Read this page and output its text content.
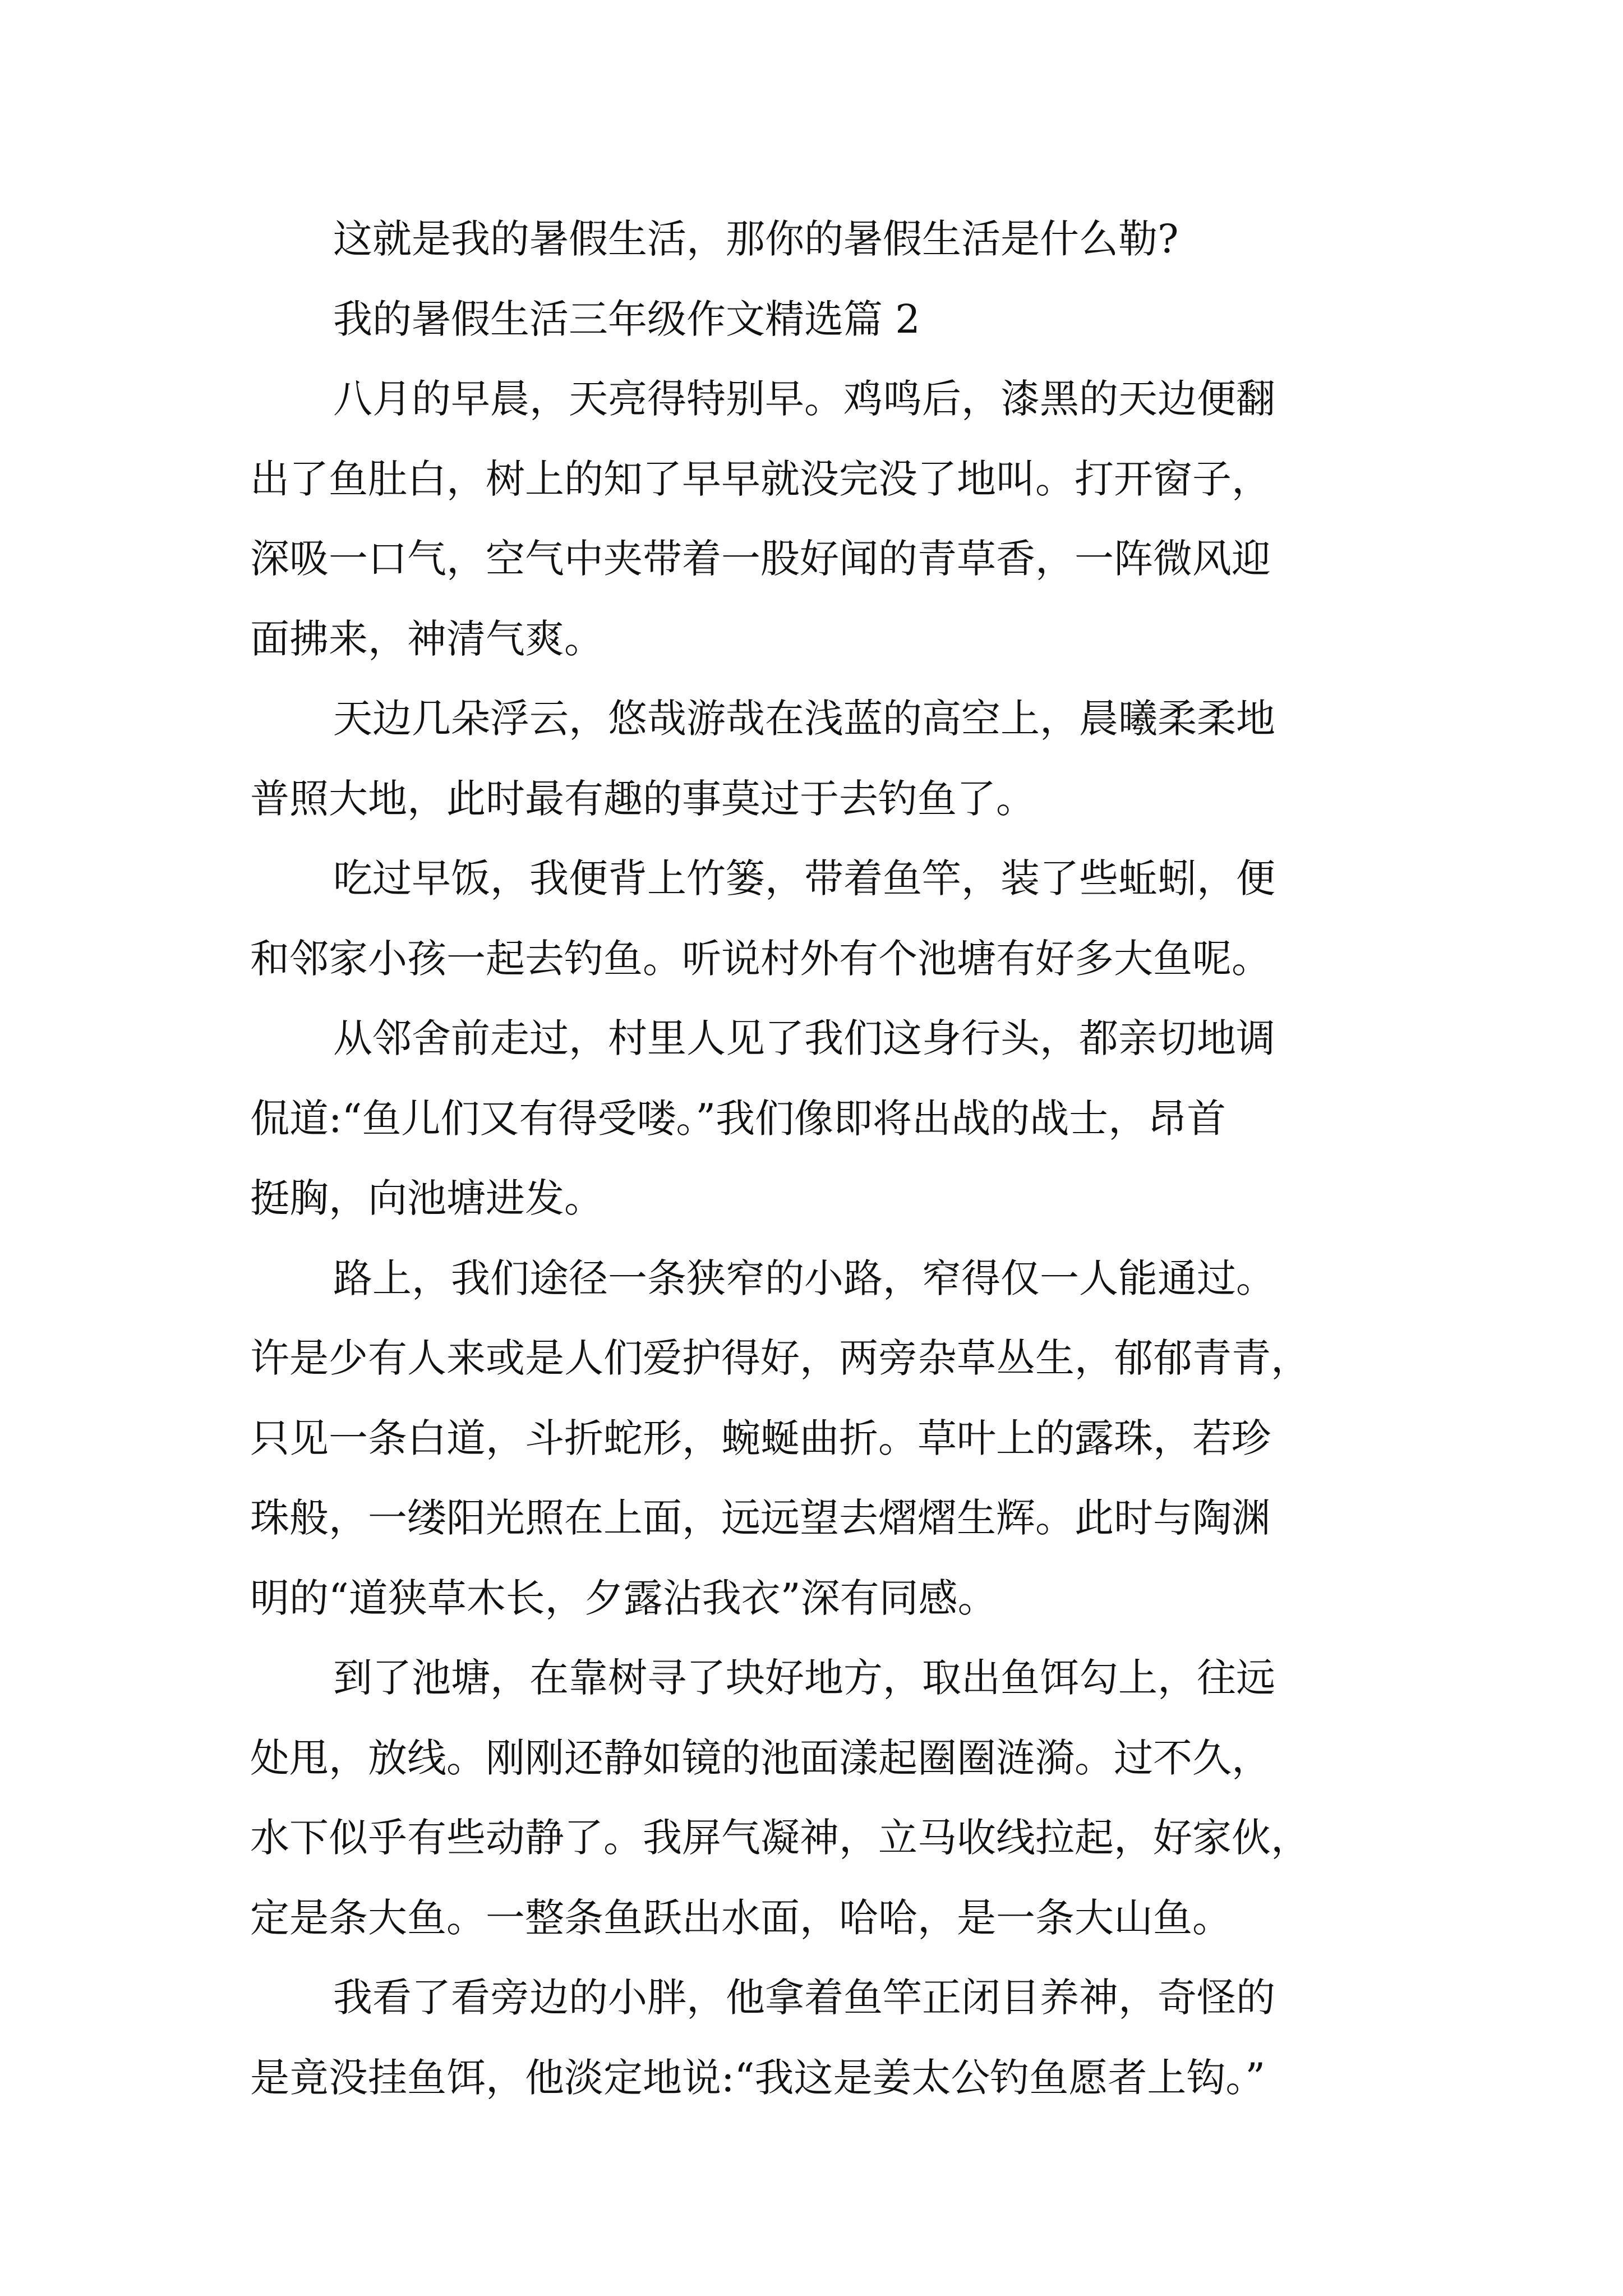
这就是我的暑假生活，那你的暑假生活是什么勒?
我的暑假生活三年级作文精选篇 2
八月的早晨，天亮得特别早。鸡鸣后，漆黑的天边便翻
出了鱼肚白，树上的知了早早就没完没了地叫。打开窗子，
深吸一口气，空气中夹带着一股好闻的青草香，一阵微风迎
面拂来，神清气爽。
天边几朵浮云，悠哉游哉在浅蓝的高空上，晨曦柔柔地
普照大地，此时最有趣的事莫过于去钓鱼了。
吃过早饭，我便背上竹篓，带着鱼竿，装了些蚯蚓，便
和邻家小孩一起去钓鱼。听说村外有个池塘有好多大鱼呢。
从邻舍前走过，村里人见了我们这身行头，都亲切地调
侃道:“鱼儿们又有得受喽。”我们像即将出战的战士，昂首
挺胸，向池塘进发。
路上，我们途径一条狭窄的小路，窄得仅一人能通过。
许是少有人来或是人们爱护得好，两旁杂草丛生，郁郁青青，
只见一条白道，斗折蛇形，蜿蜒曲折。草叶上的露珠，若珍
珠般，一缕阳光照在上面，远远望去熠熠生辉。此时与陶渊
明的“道狭草木长，夕露沾我衣”深有同感。
到了池塘，在靠树寻了块好地方，取出鱼饵勾上，往远
处甩，放线。刚刚还静如镜的池面漾起圈圈涟漪。过不久，
水下似乎有些动静了。我屏气凝神，立马收线拉起，好家伙，
定是条大鱼。一整条鱼跃出水面，哈哈，是一条大山鱼。
我看了看旁边的小胖，他拿着鱼竿正闭目养神，奇怪的
是竟没挂鱼饵，他淡定地说:“我这是姜太公钓鱼愿者上钩。”
